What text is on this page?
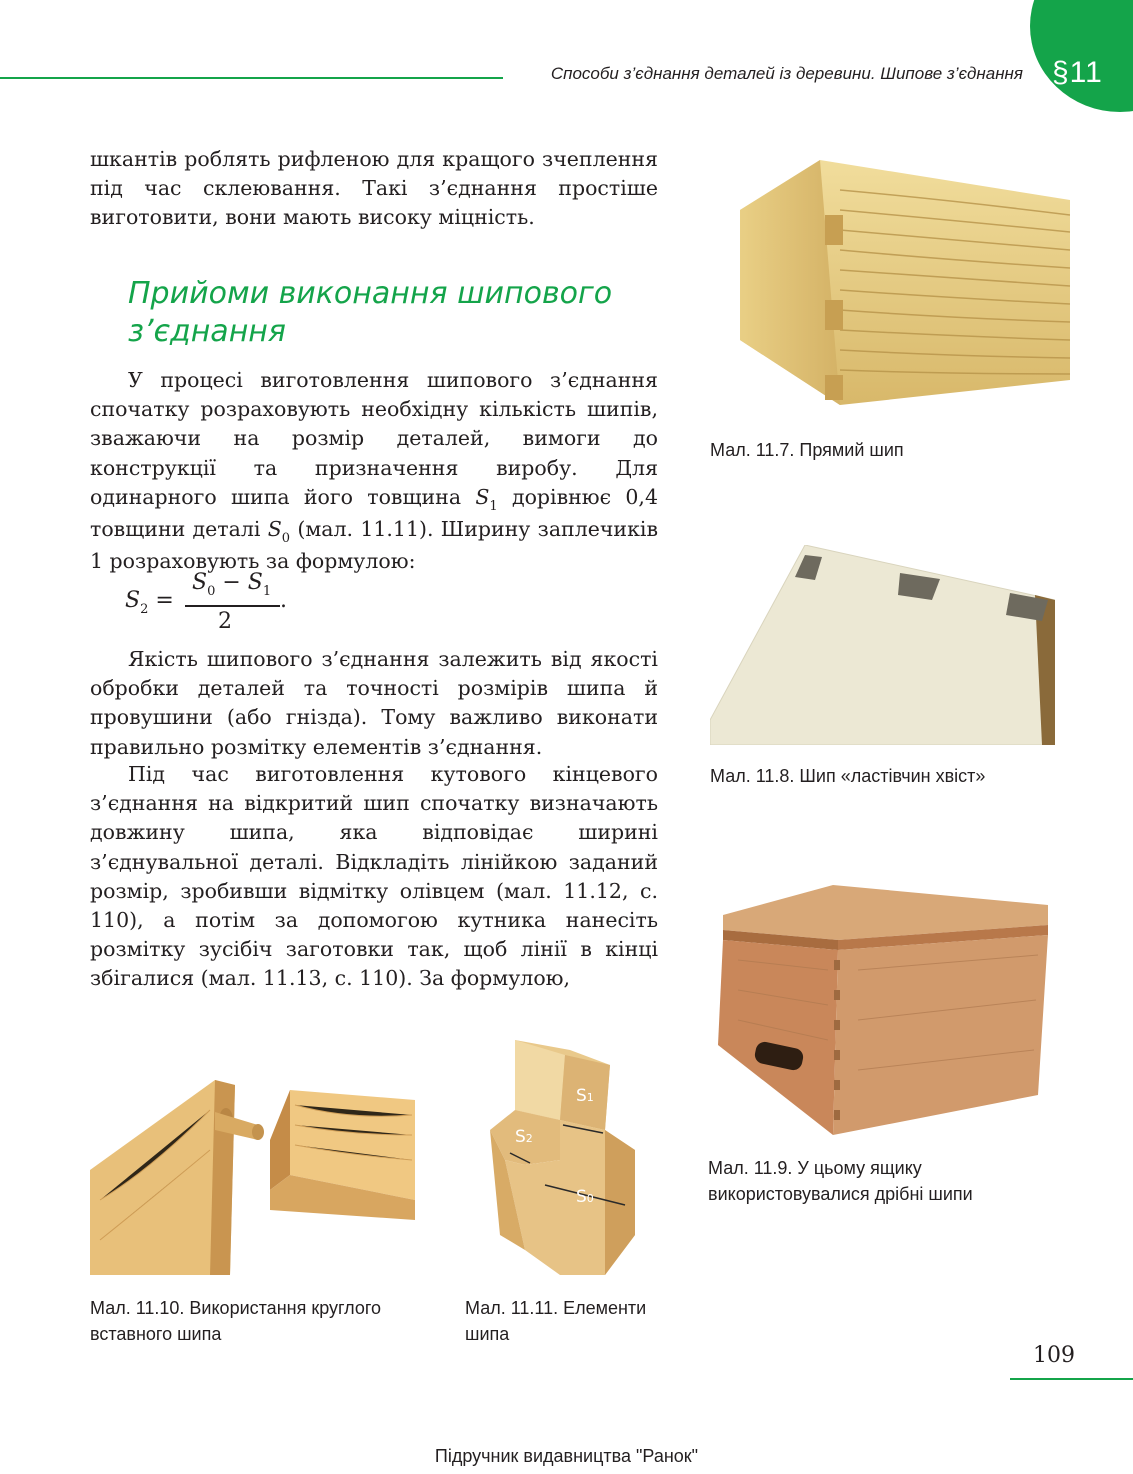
Способи з’єднання деталей із деревини. Шипове з’єднання §11
шкантів роблять рифленою для кращого зчеплення під час склеювання. Такі з’єднання простіше виготовити, вони мають високу міцність.
Прийоми виконання шипового з’єднання
У процесі виготовлення шипового з’єднання спочатку розраховують необхідну кількість шипів, зважаючи на розмір деталей, вимоги до конструкції та призначення виробу. Для одинарного шипа його товщина $S_1$ дорівнює 0,4 товщини деталі $S_0$ (мал. 11.11). Ширину заплечиків 1 розраховують за формулою:
$S_2$ =
$S_0 - S_1$
2
.
Якість шипового з’єднання залежить від якості обробки деталей та точності розмірів шипа й провушини (або гнізда). Тому важливо виконати правильно розмітку елементів з’єднання.
Під час виготовлення кутового кінцевого з’єднання на відкритий шип спочатку визначають довжину шипа, яка відповідає ширині з’єднувальної деталі. Відкладіть лінійкою заданий розмір, зробивши відмітку олівцем (мал. 11.12, с. 110), а потім за допомогою кутника нанесіть розмітку зусібіч заготовки так, щоб лінії в кінці збігалися (мал. 11.13, с. 110). За формулою,
Мал. 11.7. Прямий шип
Мал. 11.8. Шип «ластівчин хвіст»
Мал. 11.9. У цьому ящику
використовувалися дрібні шипи
Мал. 11.10. Використання круглого
вставного шипа
S1
S2
S0
Мал. 11.11. Елементи
шипа
109
Підручник видавництва "Ранок"
